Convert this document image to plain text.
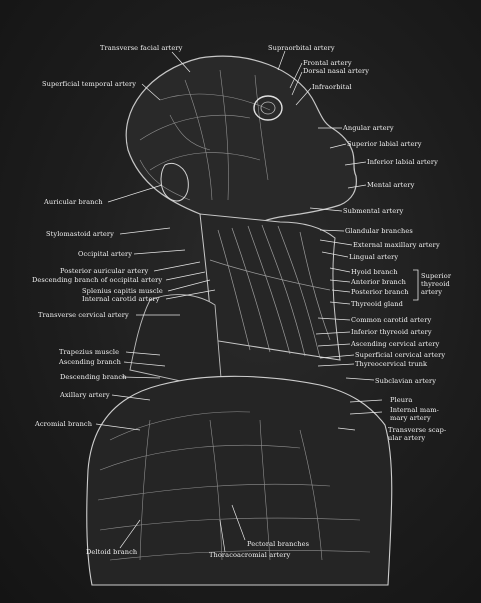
Transverse facial artery	Supraorbital artery
Frontal artery
Dorsal nasal artery
Infraorbital
Superficial temporal artery
Angular artery
Superior labial artery
Inferior labial artery
Mental artery
Auricular branch
Submental artery
Stylomastoid artery	Glandular branches
External maxillary artery
Occipital artery	Lingual artery
Posterior auricular artery
Descending branch of occipital artery
Splenius capitis muscle
Internal carotid artery
Hyoid branch
Anterior branch
Posterior branch
Superior thyreoid artery
Thyreoid gland
Transverse cervical artery
Common carotid artery
Inferior thyreoid artery
Ascending cervical artery
Trapezius muscle	Superficial cervical artery
Ascending branch	Thyreocervical trunk
Descending branch	Subclavian artery
Axillary artery
Pleura
Internal mam-mary artery
Acromial branch
Transverse scap-ular artery
Pectoral branches
Deltoid branch	Thoracoacromial artery
